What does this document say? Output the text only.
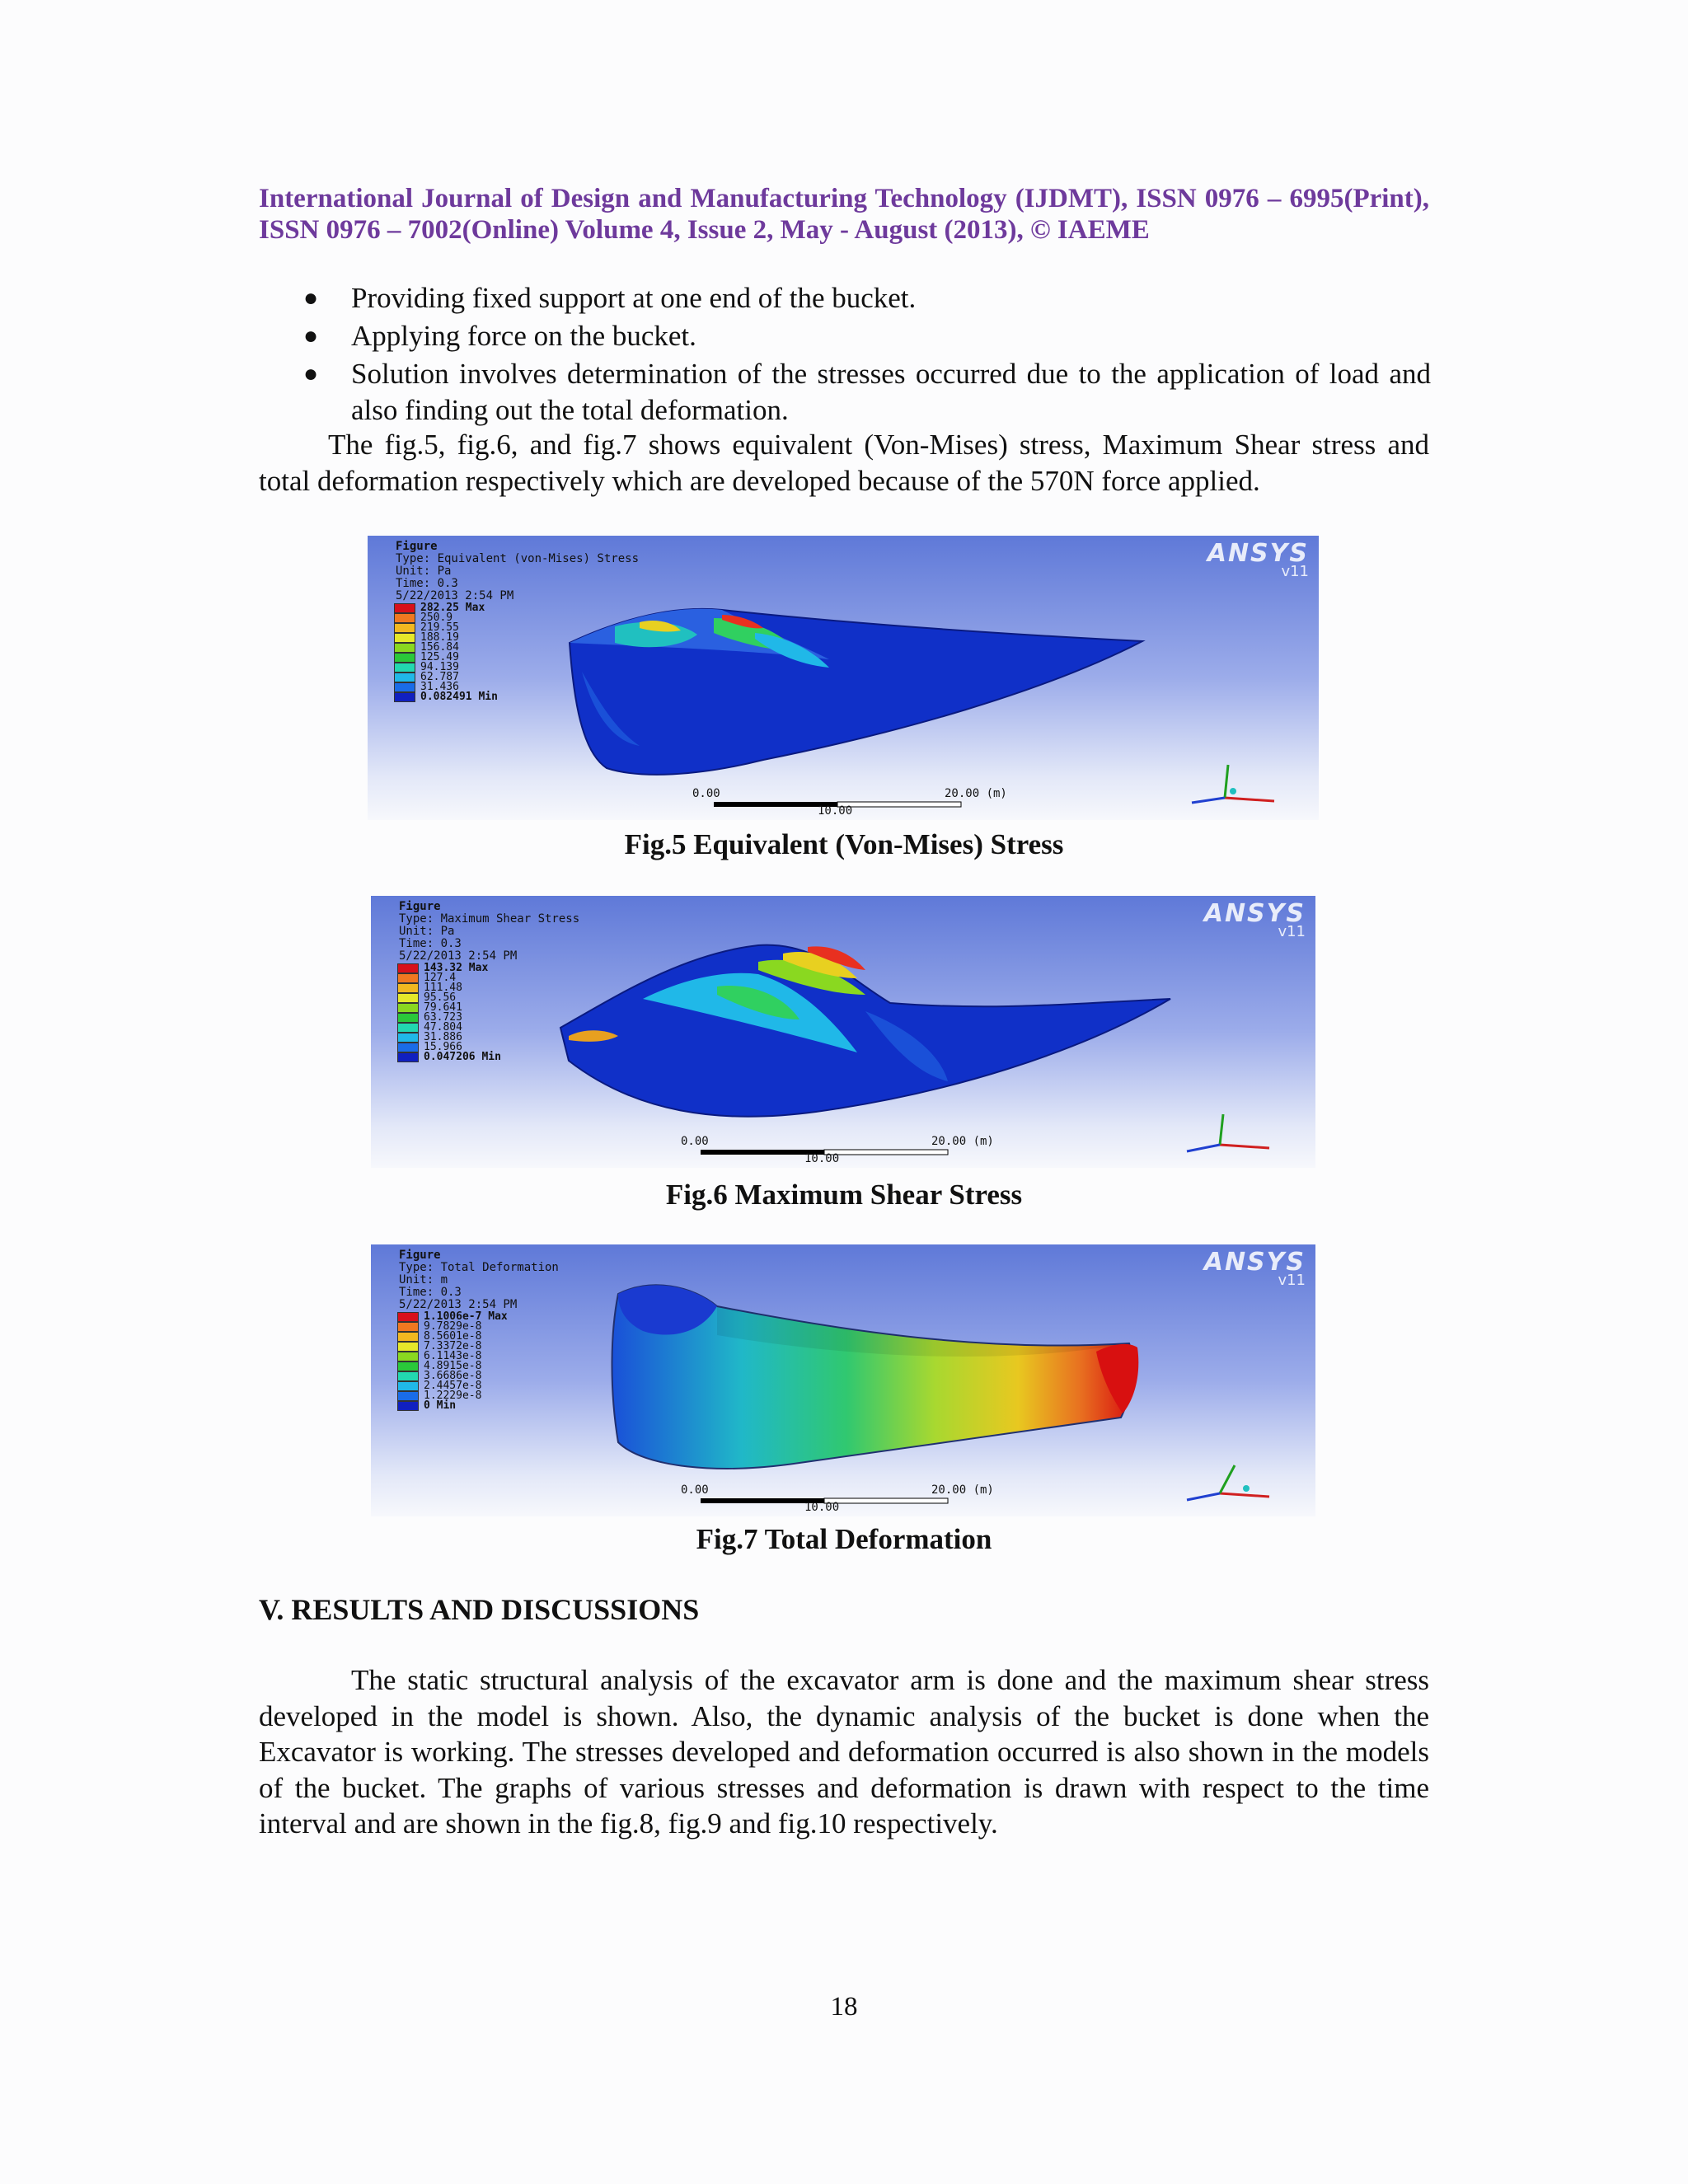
International Journal of Design and Manufacturing Technology (IJDMT), ISSN 0976 – 6995(Print), ISSN 0976 – 7002(Online) Volume 4, Issue 2, May - August (2013), © IAEME
● Providing fixed support at one end of the bucket.
● Applying force on the bucket.
● Solution involves determination of the stresses occurred due to the application of load and also finding out the total deformation.
The fig.5, fig.6, and fig.7 shows equivalent (Von-Mises) stress, Maximum Shear stress and total deformation respectively which are developed because of the 570N force applied.
Figure
Type: Equivalent (von-Mises) Stress
Unit: Pa
Time: 0.3
5/22/2013 2:54 PM
282.25 Max
250.9
219.55
188.19
156.84
125.49
94.139
62.787
31.436
0.082491 Min
ANSYS
v11
0.00	20.00 (m)
10.00
Fig.5 Equivalent (Von-Mises) Stress
Figure
Type: Maximum Shear Stress
Unit: Pa
Time: 0.3
5/22/2013 2:54 PM
143.32 Max
127.4
111.48
95.56
79.641
63.723
47.804
31.886
15.966
0.047206 Min
ANSYS
v11
0.00	20.00 (m)
10.00
Fig.6 Maximum Shear Stress
Figure
Type: Total Deformation
Unit: m
Time: 0.3
5/22/2013 2:54 PM
1.1006e-7 Max
9.7829e-8
8.5601e-8
7.3372e-8
6.1143e-8
4.8915e-8
3.6686e-8
2.4457e-8
1.2229e-8
0 Min
ANSYS
v11
0.00	20.00 (m)
10.00
Fig.7 Total Deformation
V. RESULTS AND DISCUSSIONS
The static structural analysis of the excavator arm is done and the maximum shear stress developed in the model is shown. Also, the dynamic analysis of the bucket is done when the Excavator is working. The stresses developed and deformation occurred is also shown in the models of the bucket. The graphs of various stresses and deformation is drawn with respect to the time interval and are shown in the fig.8, fig.9 and fig.10 respectively.
18
